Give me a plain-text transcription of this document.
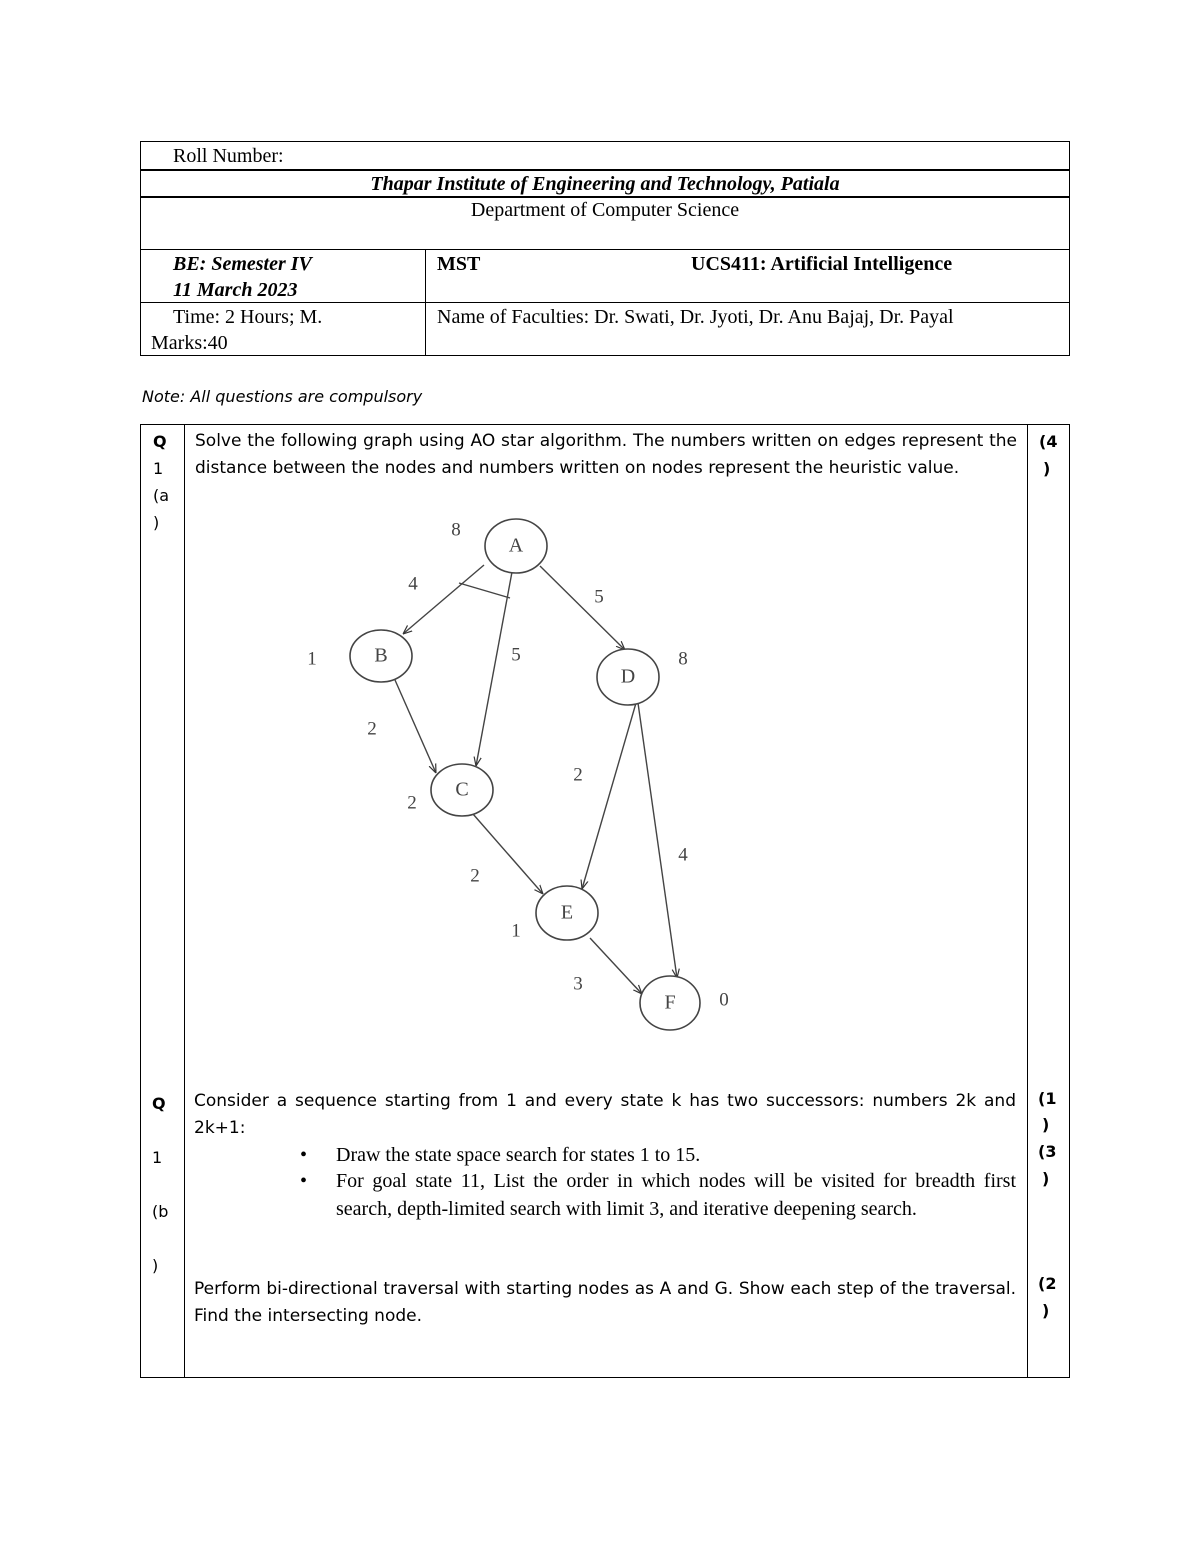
Roll Number:
Thapar Institute of Engineering and Technology, Patiala
Department of Computer Science
BE: Semester IV
11 March 2023
MST	UCS411: Artificial Intelligence
Time: 2 Hours; M.
Marks:40
Name of Faculties: Dr. Swati, Dr. Jyoti, Dr. Anu Bajaj, Dr. Payal
Note: All questions are compulsory
Q
1
(a
)
Solve the following graph using AO star algorithm. The numbers written on edges represent the distance between the nodes and numbers written on nodes represent the heuristic value.
(4
)
A
B
C
D
E
F
4
5
5
2
2
2
4
3
8
1
2
8
1
0
Q
1
(b
)
Consider a sequence starting from 1 and every state k has two successors: numbers 2k and 2k+1:
• Draw the state space search for states 1 to 15.
• For goal state 11, List the order in which nodes will be visited for breadth first search, depth-limited search with limit 3, and iterative deepening search.
(1
)
(3
)
Perform bi-directional traversal with starting nodes as A and G. Show each step of the traversal. Find the intersecting node.
(2
)
